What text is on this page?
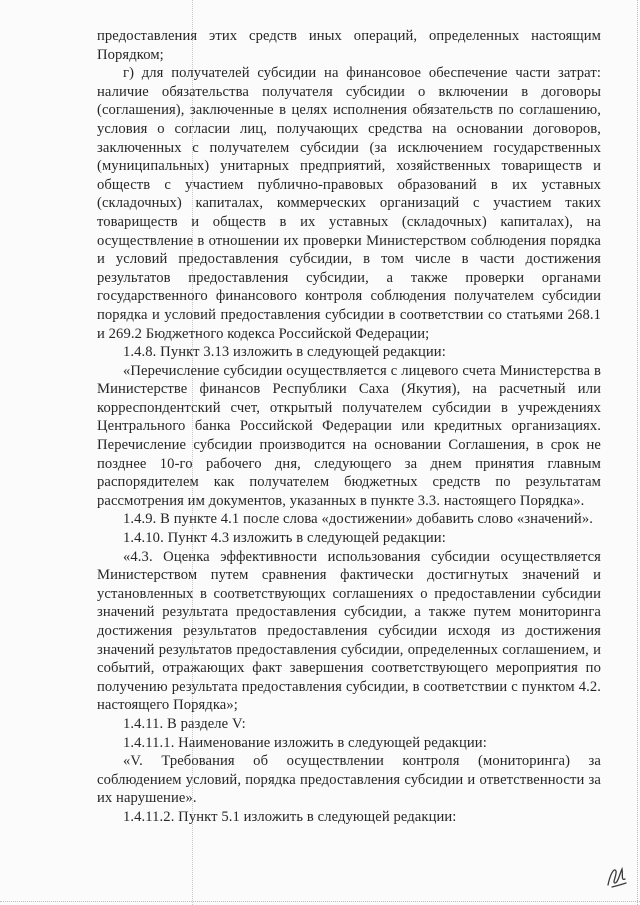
предоставления этих средств иных операций, определенных настоящим Порядком;

г) для получателей субсидии на финансовое обеспечение части затрат: наличие обязательства получателя субсидии о включении в договоры (соглашения), заключенные в целях исполнения обязательств по соглашению, условия о согласии лиц, получающих средства на основании договоров, заключенных с получателем субсидии (за исключением государственных (муниципальных) унитарных предприятий, хозяйственных товариществ и обществ с участием публично-правовых образований в их уставных (складочных) капиталах, коммерческих организаций с участием таких товариществ и обществ в их уставных (складочных) капиталах), на осуществление в отношении их проверки Министерством соблюдения порядка и условий предоставления субсидии, в том числе в части достижения результатов предоставления субсидии, а также проверки органами государственного финансового контроля соблюдения получателем субсидии порядка и условий предоставления субсидии в соответствии со статьями 268.1 и 269.2 Бюджетного кодекса Российской Федерации;

1.4.8. Пункт 3.13 изложить в следующей редакции:

«Перечисление субсидии осуществляется с лицевого счета Министерства в Министерстве финансов Республики Саха (Якутия), на расчетный или корреспондентский счет, открытый получателем субсидии в учреждениях Центрального банка Российской Федерации или кредитных организациях. Перечисление субсидии производится на основании Соглашения, в срок не позднее 10-го рабочего дня, следующего за днем принятия главным распорядителем как получателем бюджетных средств по результатам рассмотрения им документов, указанных в пункте 3.3. настоящего Порядка».

1.4.9. В пункте 4.1 после слова «достижении» добавить слово «значений».

1.4.10. Пункт 4.3 изложить в следующей редакции:

«4.3. Оценка эффективности использования субсидии осуществляется Министерством путем сравнения фактически достигнутых значений и установленных в соответствующих соглашениях о предоставлении субсидии значений результата предоставления субсидии, а также путем мониторинга достижения результатов предоставления субсидии исходя из достижения значений результатов предоставления субсидии, определенных соглашением, и событий, отражающих факт завершения соответствующего мероприятия по получению результата предоставления субсидии, в соответствии с пунктом 4.2. настоящего Порядка»;

1.4.11. В разделе V:

1.4.11.1. Наименование изложить в следующей редакции:

«V. Требования об осуществлении контроля (мониторинга) за соблюдением условий, порядка предоставления субсидии и ответственности за их нарушение».

1.4.11.2. Пункт 5.1 изложить в следующей редакции:
